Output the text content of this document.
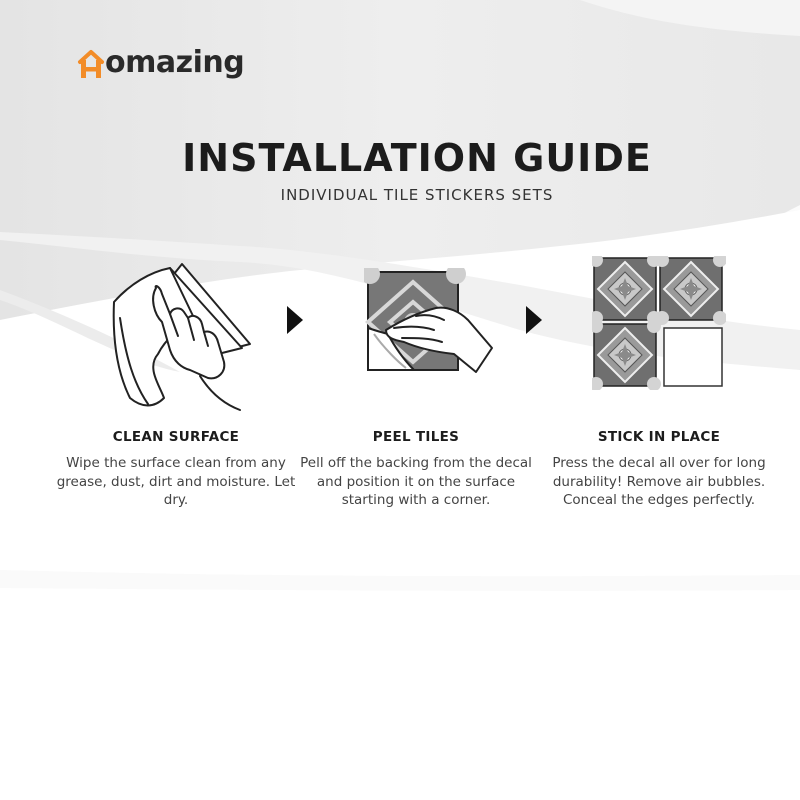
omazing
INSTALLATION GUIDE
INDIVIDUAL TILE STICKERS SETS
CLEAN SURFACE
Wipe the surface clean from any grease, dust, dirt and moisture. Let dry.
PEEL TILES
Pell off the backing from the decal and position it on the surface starting with a corner.
STICK IN PLACE
Press the decal all over for long durability! Remove air bubbles. Conceal the edges perfectly.
